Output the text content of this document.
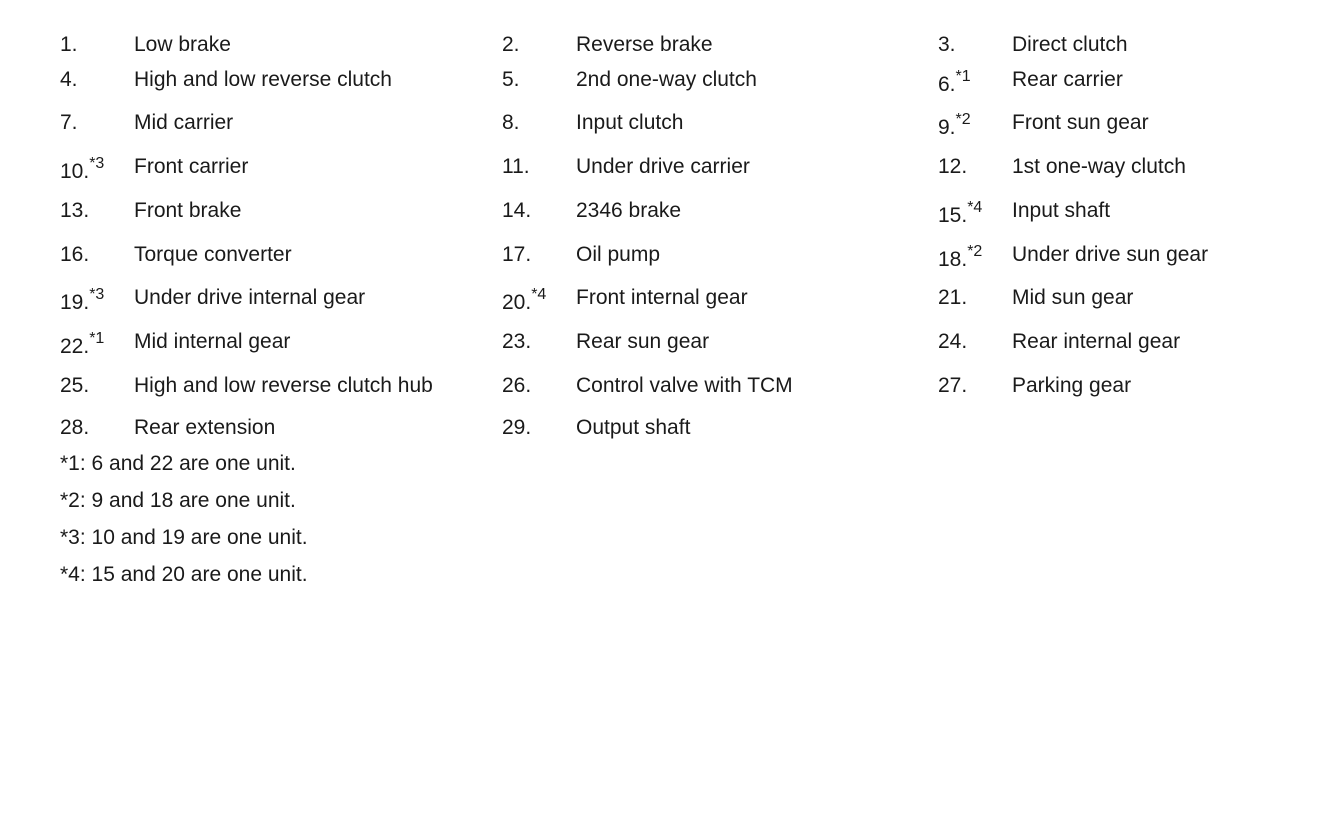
1.	Low brake	2.	Reverse brake	3.	Direct clutch
4.	High and low reverse clutch	5.	2nd one-way clutch	6.$^{*1}$	Rear carrier
7.	Mid carrier	8.	Input clutch	9.$^{*2}$	Front sun gear
10.$^{*3}$	Front carrier	11.	Under drive carrier	12.	1st one-way clutch
13.	Front brake	14.	2346 brake	15.$^{*4}$	Input shaft
16.	Torque converter	17.	Oil pump	18.$^{*2}$	Under drive sun gear
19.$^{*3}$	Under drive internal gear	20.$^{*4}$	Front internal gear	21.	Mid sun gear
22.$^{*1}$	Mid internal gear	23.	Rear sun gear	24.	Rear internal gear
25.	High and low reverse clutch hub	26.	Control valve with TCM	27.	Parking gear
28.	Rear extension	29.	Output shaft
*1: 6 and 22 are one unit.
*2: 9 and 18 are one unit.
*3: 10 and 19 are one unit.
*4: 15 and 20 are one unit.
